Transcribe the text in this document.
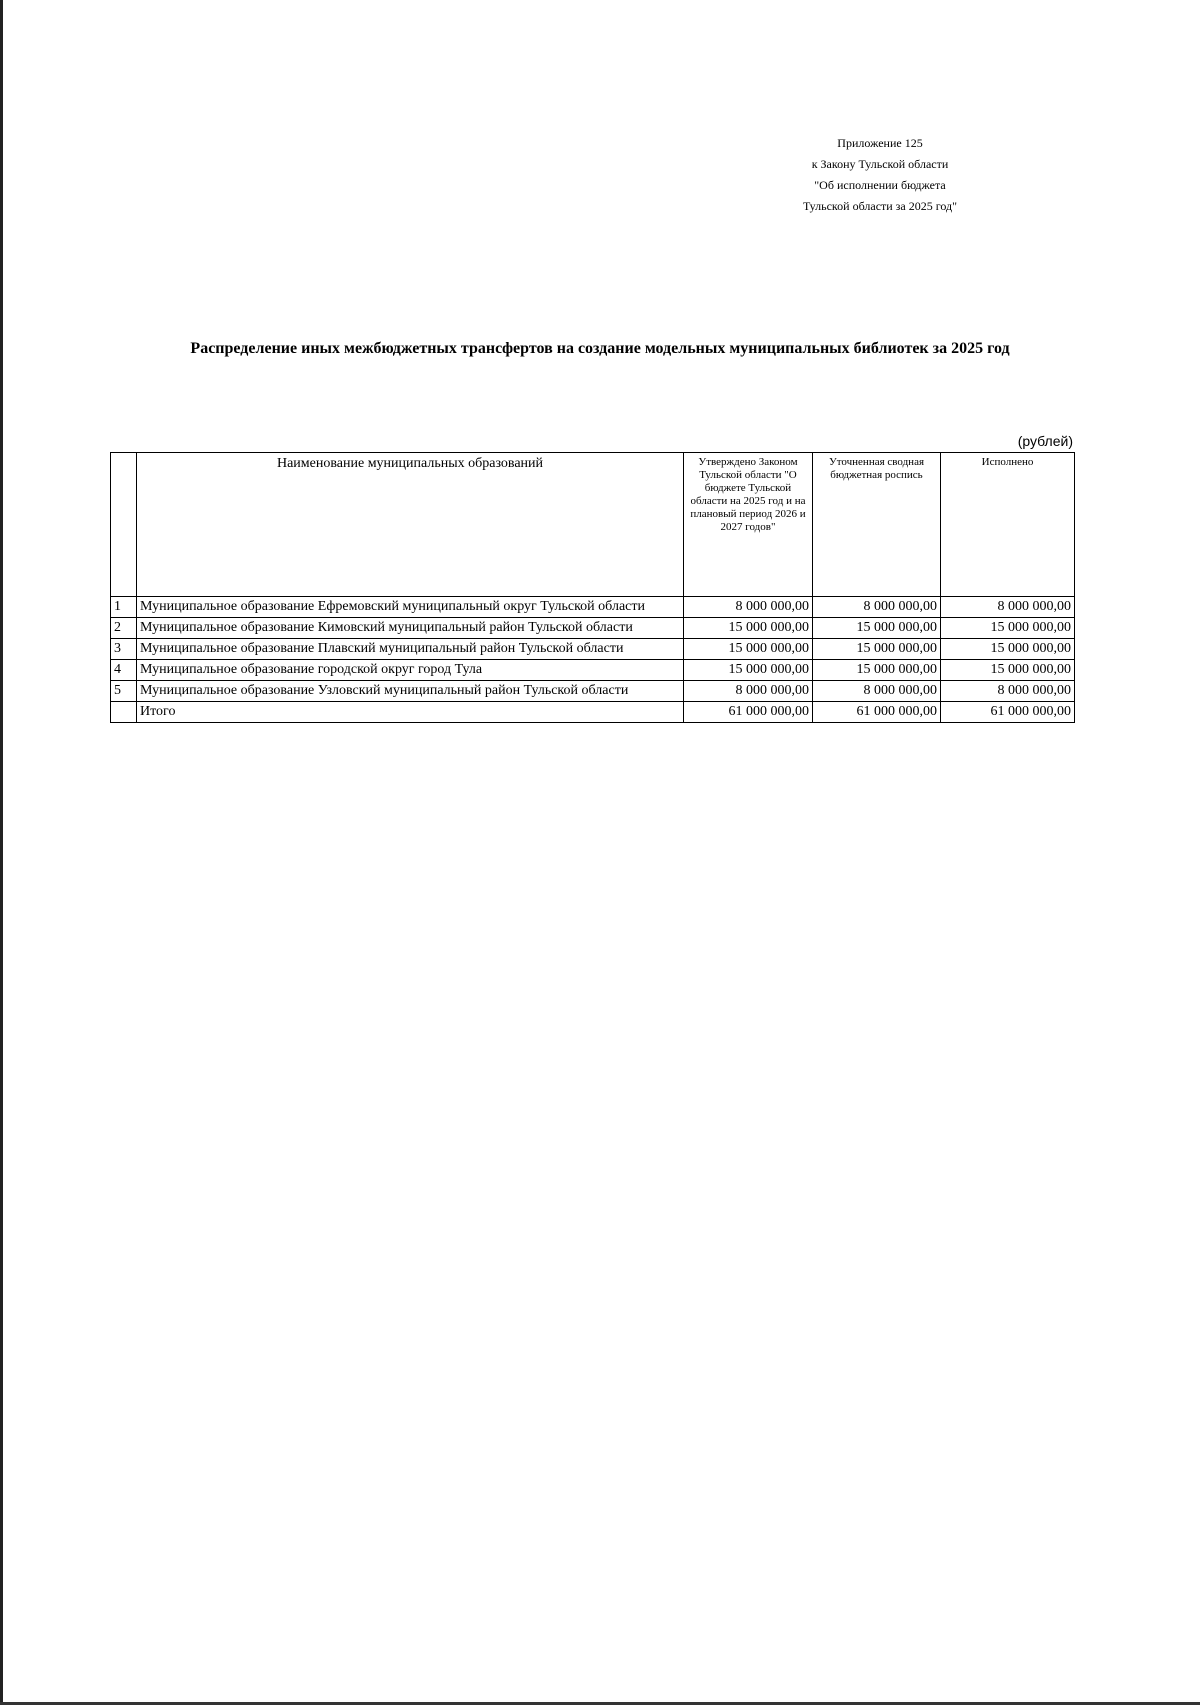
Приложение 125
к Закону Тульской области
"Об исполнении бюджета
Тульской области за 2025 год"
Распределение иных межбюджетных трансфертов на создание модельных муниципальных библиотек за 2025 год
(рублей)
	Наименование муниципальных образований	Утверждено Законом Тульской области "О бюджете Тульской области на 2025 год и на плановый период 2026 и 2027 годов"	Уточненная сводная бюджетная роспись	Исполнено
1	Муниципальное образование Ефремовский муниципальный округ Тульской области	8 000 000,00	8 000 000,00	8 000 000,00
2	Муниципальное образование Кимовский муниципальный район Тульской области	15 000 000,00	15 000 000,00	15 000 000,00
3	Муниципальное образование Плавский муниципальный район Тульской области	15 000 000,00	15 000 000,00	15 000 000,00
4	Муниципальное образование городской округ город Тула	15 000 000,00	15 000 000,00	15 000 000,00
5	Муниципальное образование Узловский муниципальный район Тульской области	8 000 000,00	8 000 000,00	8 000 000,00
	Итого	61 000 000,00	61 000 000,00	61 000 000,00
